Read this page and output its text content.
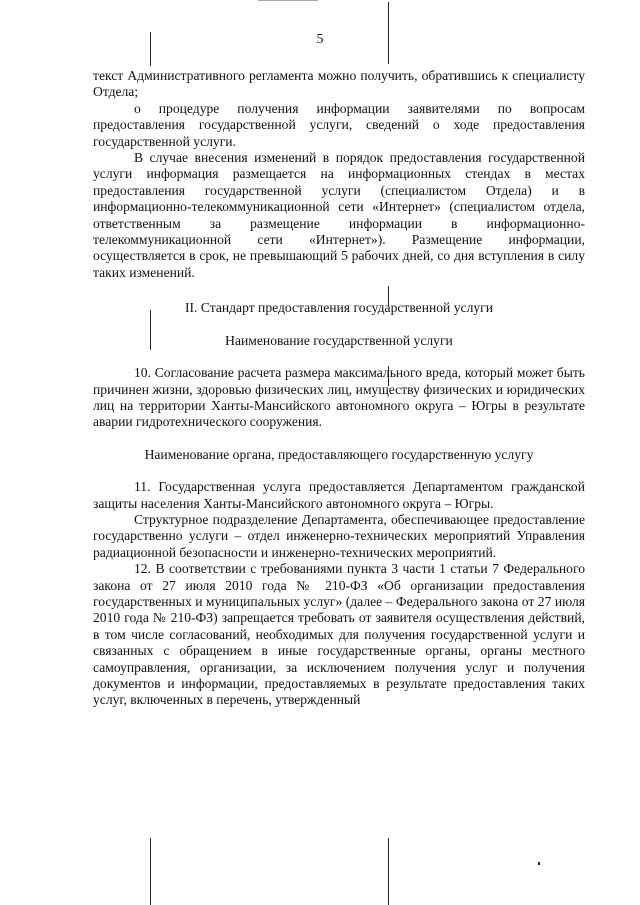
5

текст Административного регламента можно получить, обратившись к специалисту Отдела;

о процедуре получения информации заявителями по вопросам предоставления государственной услуги, сведений о ходе предоставления государственной услуги.

В случае внесения изменений в порядок предоставления государственной услуги информация размещается на информационных стендах в местах предоставления государственной услуги (специалистом Отдела) и в информационно-телекоммуникационной сети «Интернет» (специалистом отдела, ответственным за размещение информации в информационно-телекоммуникационной сети «Интернет»). Размещение информации, осуществляется в срок, не превышающий 5 рабочих дней, со дня вступления в силу таких изменений.

II. Стандарт предоставления государственной услуги

Наименование государственной услуги

10. Согласование расчета размера максимального вреда, который может быть причинен жизни, здоровью физических лиц, имуществу физических и юридических лиц на территории Ханты-Мансийского автономного округа – Югры в результате аварии гидротехнического сооружения.

Наименование органа, предоставляющего государственную услугу

11. Государственная услуга предоставляется Департаментом гражданской защиты населения Ханты-Мансийского автономного округа – Югры.

Структурное подразделение Департамента, обеспечивающее предоставление государственно услуги – отдел инженерно-технических мероприятий Управления радиационной безопасности и инженерно-технических мероприятий.

12. В соответствии с требованиями пункта 3 части 1 статьи 7 Федерального закона от 27 июля 2010 года № 210-ФЗ «Об организации предоставления государственных и муниципальных услуг» (далее – Федерального закона от 27 июля 2010 года № 210-ФЗ) запрещается требовать от заявителя осуществления действий, в том числе согласований, необходимых для получения государственной услуги и связанных с обращением в иные государственные органы, органы местного самоуправления, организации, за исключением получения услуг и получения документов и информации, предоставляемых в результате предоставления таких услуг, включенных в перечень, утвержденный
